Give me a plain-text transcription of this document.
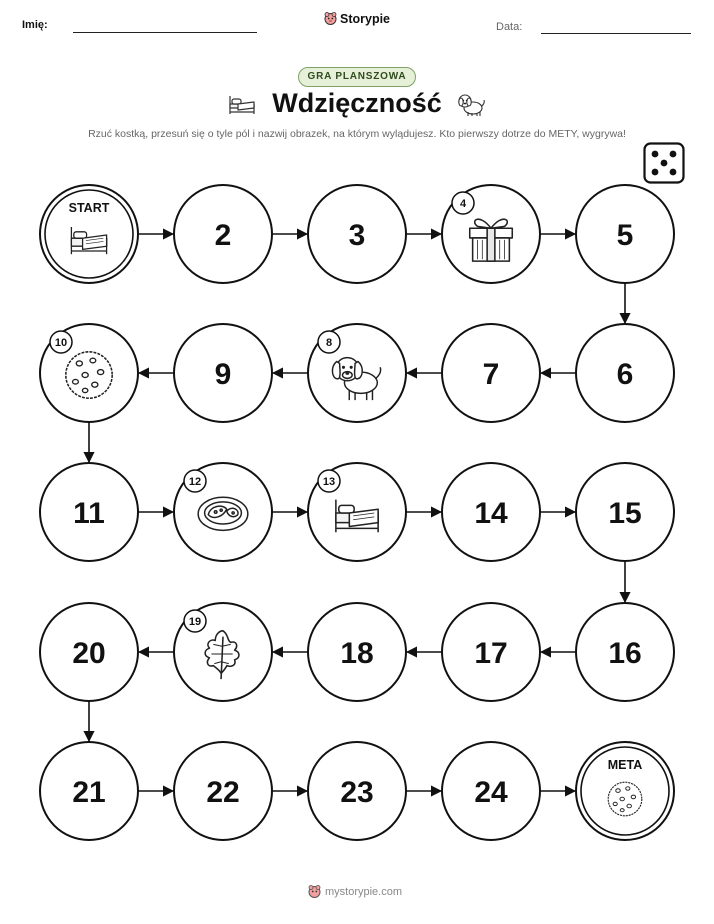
Imię:	Storypie
Data:
GRA PLANSZOWA
Wdzięczność
Rzuć kostką, przesuń się o tyle pól i nazwij obrazek, na którym wylądujesz. Kto pierwszy dotrze do METY, wygrywa!
START
2	3
4
5
6
7
8
9
10
11
12	13
14	15
16
17
18
19
20
21	22	23	24
META
mystorypie.com
